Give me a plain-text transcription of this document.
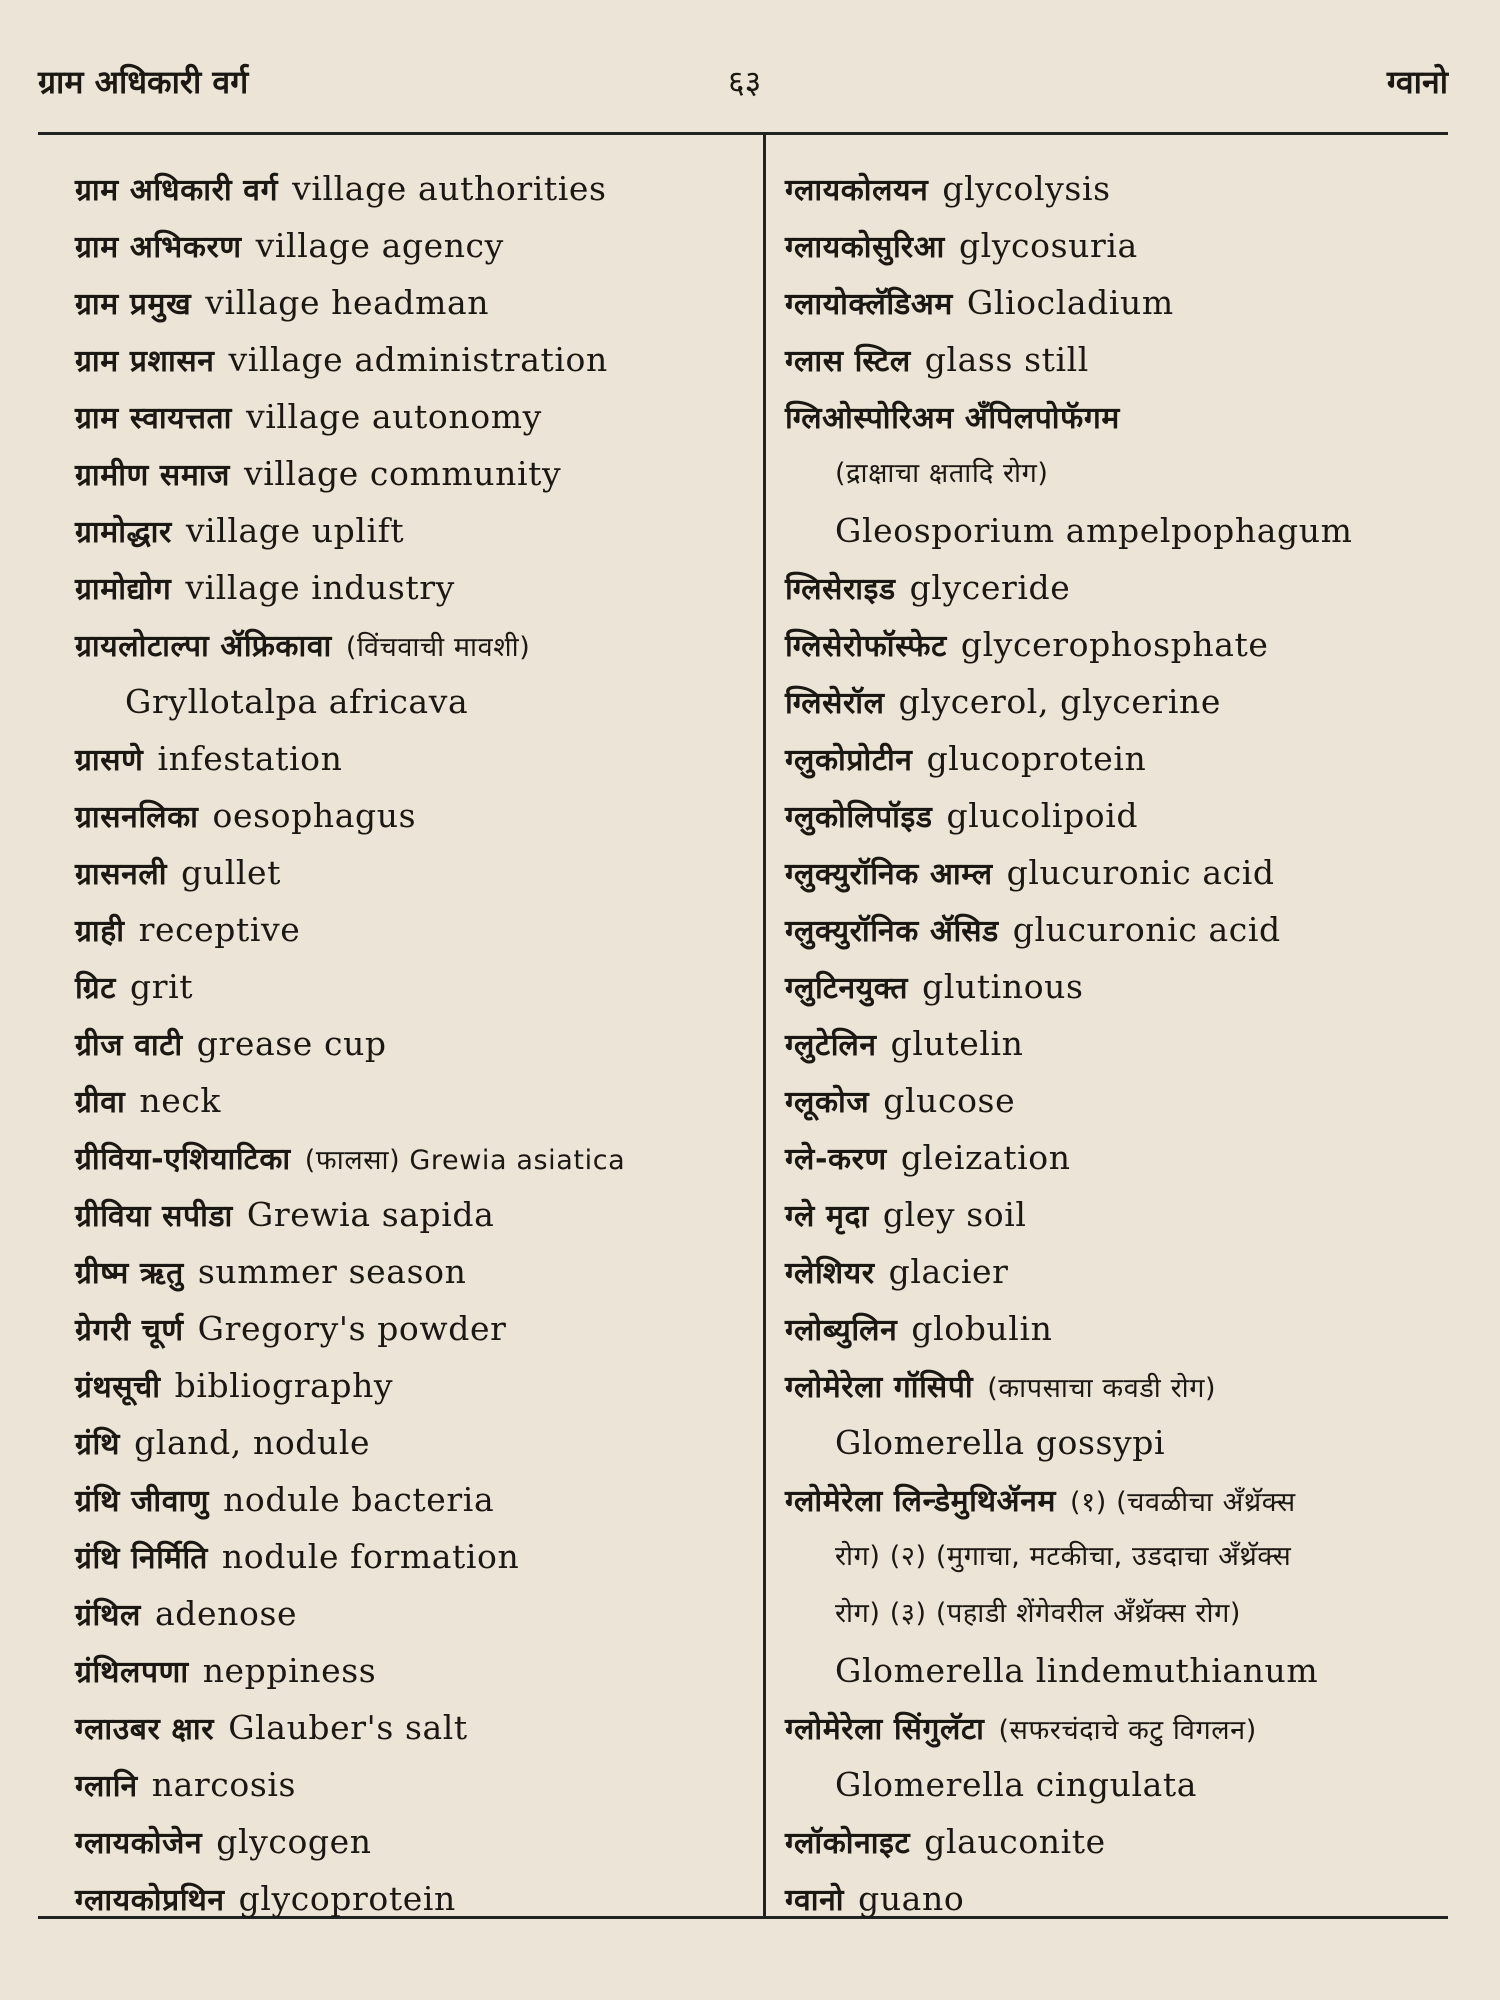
ग्राम अधिकारी वर्ग	६३	ग्वानो
ग्राम अधिकारी वर्ग village authorities
ग्राम अभिकरण village agency
ग्राम प्रमुख village headman
ग्राम प्रशासन village administration
ग्राम स्वायत्तता village autonomy
ग्रामीण समाज village community
ग्रामोद्धार village uplift
ग्रामोद्योग village industry
ग्रायलोटाल्पा ॲफ्रिकावा (विंचवाची मावशी)
Gryllotalpa africava
ग्रासणे infestation
ग्रासनलिका oesophagus
ग्रासनली gullet
ग्राही receptive
ग्रिट grit
ग्रीज वाटी grease cup
ग्रीवा neck
ग्रीविया-एशियाटिका (फालसा) Grewia asiatica
ग्रीविया सपीडा Grewia sapida
ग्रीष्म ऋतु summer season
ग्रेगरी चूर्ण Gregory's powder
ग्रंथसूची bibliography
ग्रंथि gland, nodule
ग्रंथि जीवाणु nodule bacteria
ग्रंथि निर्मिति nodule formation
ग्रंथिल adenose
ग्रंथिलपणा neppiness
ग्लाउबर क्षार Glauber's salt
ग्लानि narcosis
ग्लायकोजेन glycogen
ग्लायकोप्रथिन glycoprotein
ग्लायकोलयन glycolysis
ग्लायकोसुरिआ glycosuria
ग्लायोक्लॅडिअम Gliocladium
ग्लास स्टिल glass still
ग्लिओस्पोरिअम ॲंपिलपोफॅगम
(द्राक्षाचा क्षतादि रोग)
Gleosporium ampelpophagum
ग्लिसेराइड glyceride
ग्लिसेरोफॉस्फेट glycerophosphate
ग्लिसेरॉल glycerol, glycerine
ग्लुकोप्रोटीन glucoprotein
ग्लुकोलिपॉइड glucolipoid
ग्लुक्युरॉनिक आम्ल glucuronic acid
ग्लुक्युरॉनिक ॲसिड glucuronic acid
ग्लुटिनयुक्त glutinous
ग्लुटेलिन glutelin
ग्लूकोज glucose
ग्ले-करण gleization
ग्ले मृदा gley soil
ग्लेशियर glacier
ग्लोब्युलिन globulin
ग्लोमेरेला गॉसिपी (कापसाचा कवडी रोग)
Glomerella gossypi
ग्लोमेरेला लिन्डेमुथिॲनम (१) (चवळीचा ॲंथ्रॅक्स
रोग) (२) (मुगाचा, मटकीचा, उडदाचा ॲंथ्रॅक्स
रोग) (३) (पहाडी शेंगेवरील ॲंथ्रॅक्स रोग)
Glomerella lindemuthianum
ग्लोमेरेला सिंगुलॅटा (सफरचंदाचे कटु विगलन)
Glomerella cingulata
ग्लॉकोनाइट glauconite
ग्वानो guano
